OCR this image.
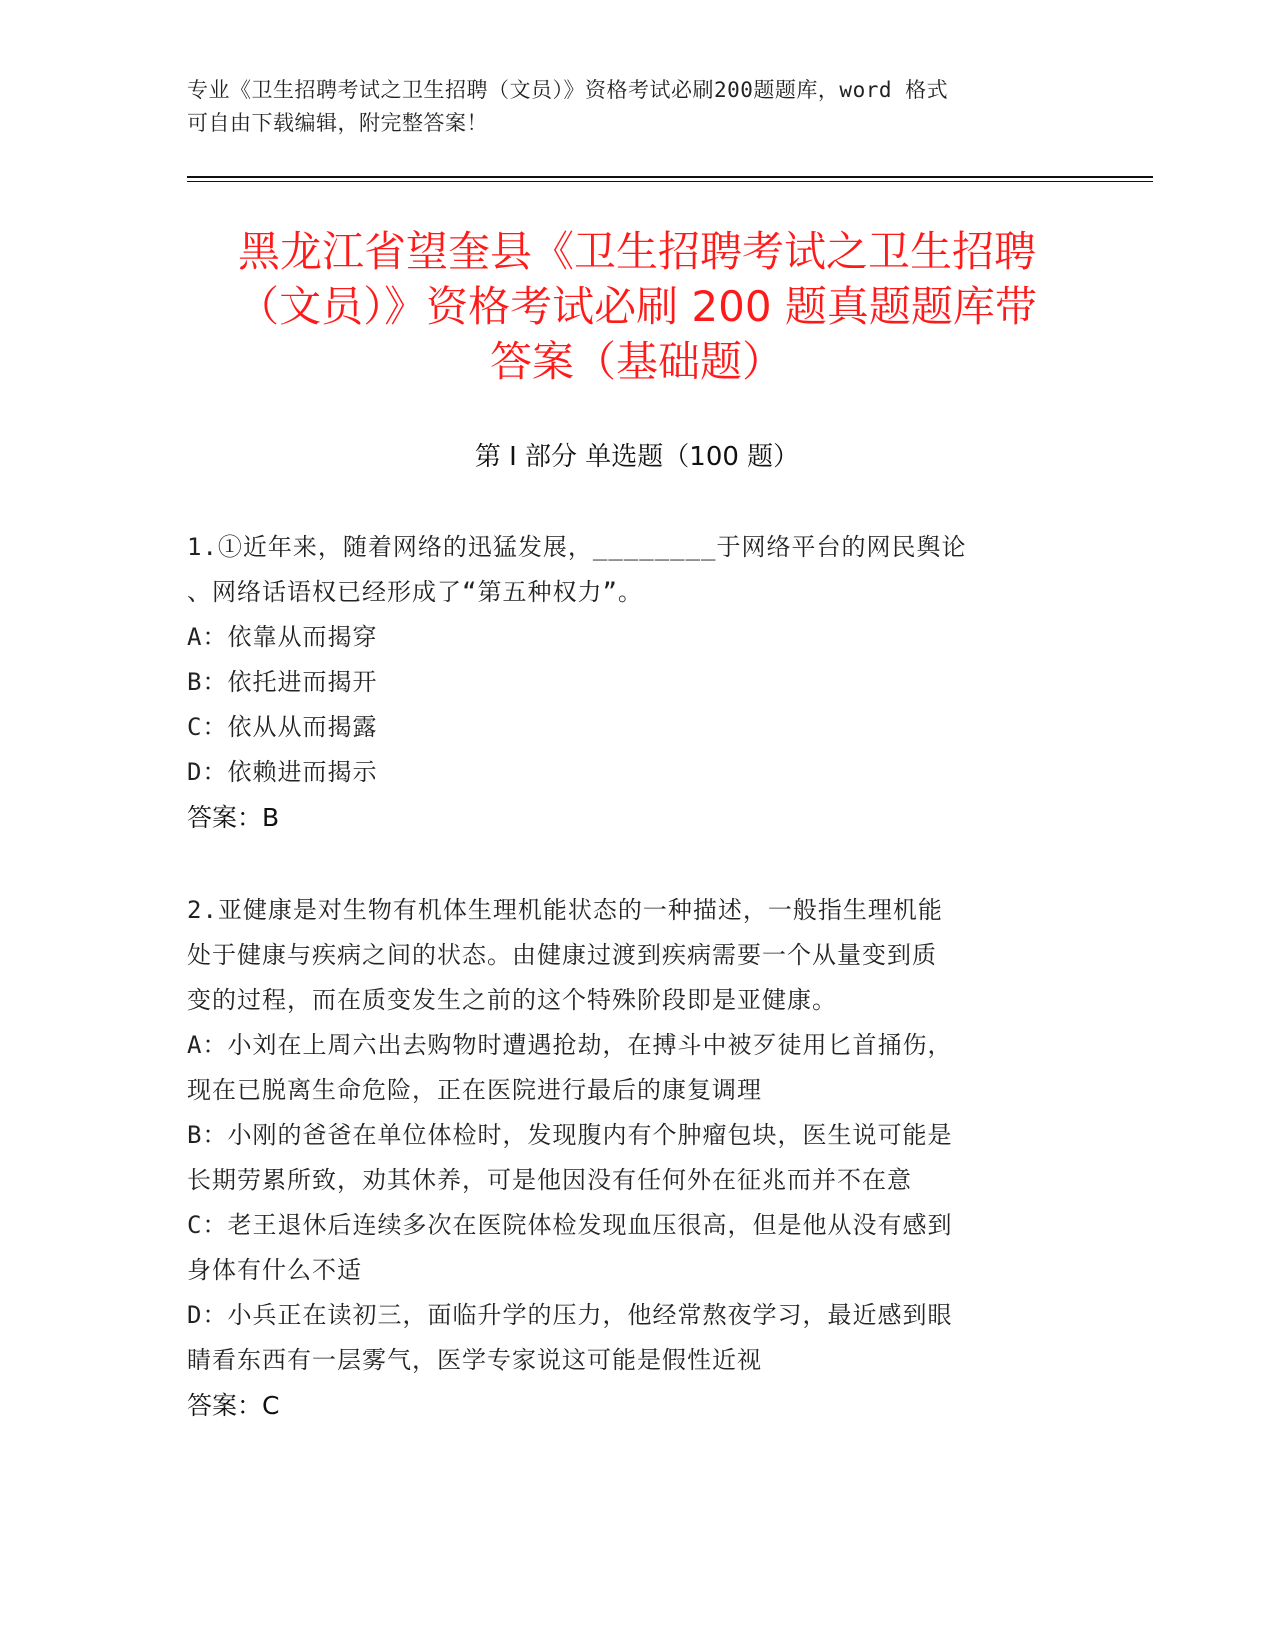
专业《卫生招聘考试之卫生招聘（文员）》资格考试必刷200题题库，word 格式
可自由下载编辑，附完整答案！
黑龙江省望奎县《卫生招聘考试之卫生招聘
（文员）》资格考试必刷 200 题真题题库带
答案（基础题）
第 I 部分 单选题（100 题）
1.①近年来，随着网络的迅猛发展，________于网络平台的网民舆论
、网络话语权已经形成了“第五种权力”。
A：依靠从而揭穿
B：依托进而揭开
C：依从从而揭露
D：依赖进而揭示
答案：B
2.亚健康是对生物有机体生理机能状态的一种描述，一般指生理机能
处于健康与疾病之间的状态。由健康过渡到疾病需要一个从量变到质
变的过程，而在质变发生之前的这个特殊阶段即是亚健康。
A：小刘在上周六出去购物时遭遇抢劫，在搏斗中被歹徒用匕首捅伤，
现在已脱离生命危险，正在医院进行最后的康复调理
B：小刚的爸爸在单位体检时，发现腹内有个肿瘤包块，医生说可能是
长期劳累所致，劝其休养，可是他因没有任何外在征兆而并不在意
C：老王退休后连续多次在医院体检发现血压很高，但是他从没有感到
身体有什么不适
D：小兵正在读初三，面临升学的压力，他经常熬夜学习，最近感到眼
睛看东西有一层雾气，医学专家说这可能是假性近视
答案：C
